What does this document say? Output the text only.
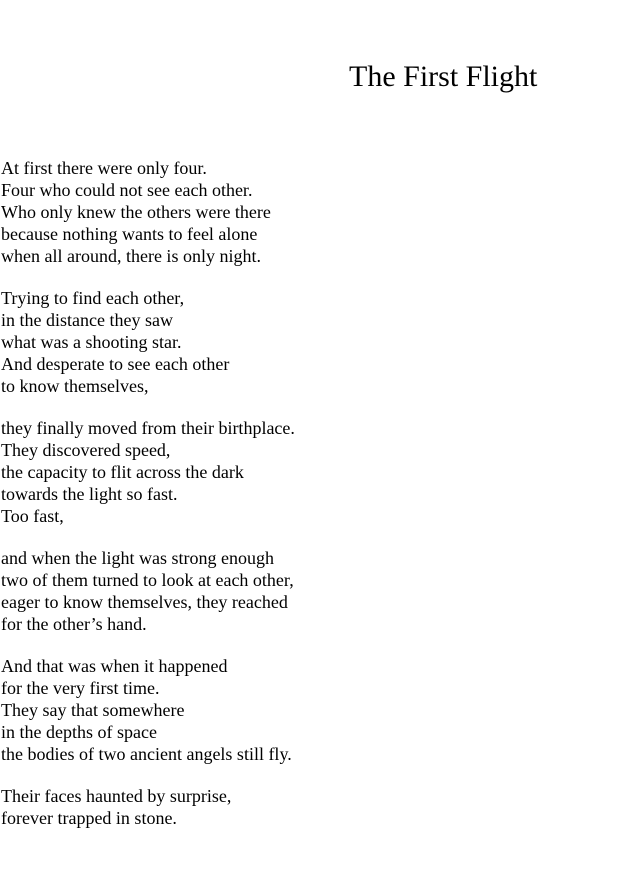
The First Flight
At first there were only four.
Four who could not see each other.
Who only knew the others were there
because nothing wants to feel alone
when all around, there is only night.
Trying to find each other,
in the distance they saw
what was a shooting star.
And desperate to see each other
to know themselves,
they finally moved from their birthplace.
They discovered speed,
the capacity to flit across the dark
towards the light so fast.
Too fast,
and when the light was strong enough
two of them turned to look at each other,
eager to know themselves, they reached
for the other’s hand.
And that was when it happened
for the very first time.
They say that somewhere
in the depths of space
the bodies of two ancient angels still fly.
Their faces haunted by surprise,
forever trapped in stone.
